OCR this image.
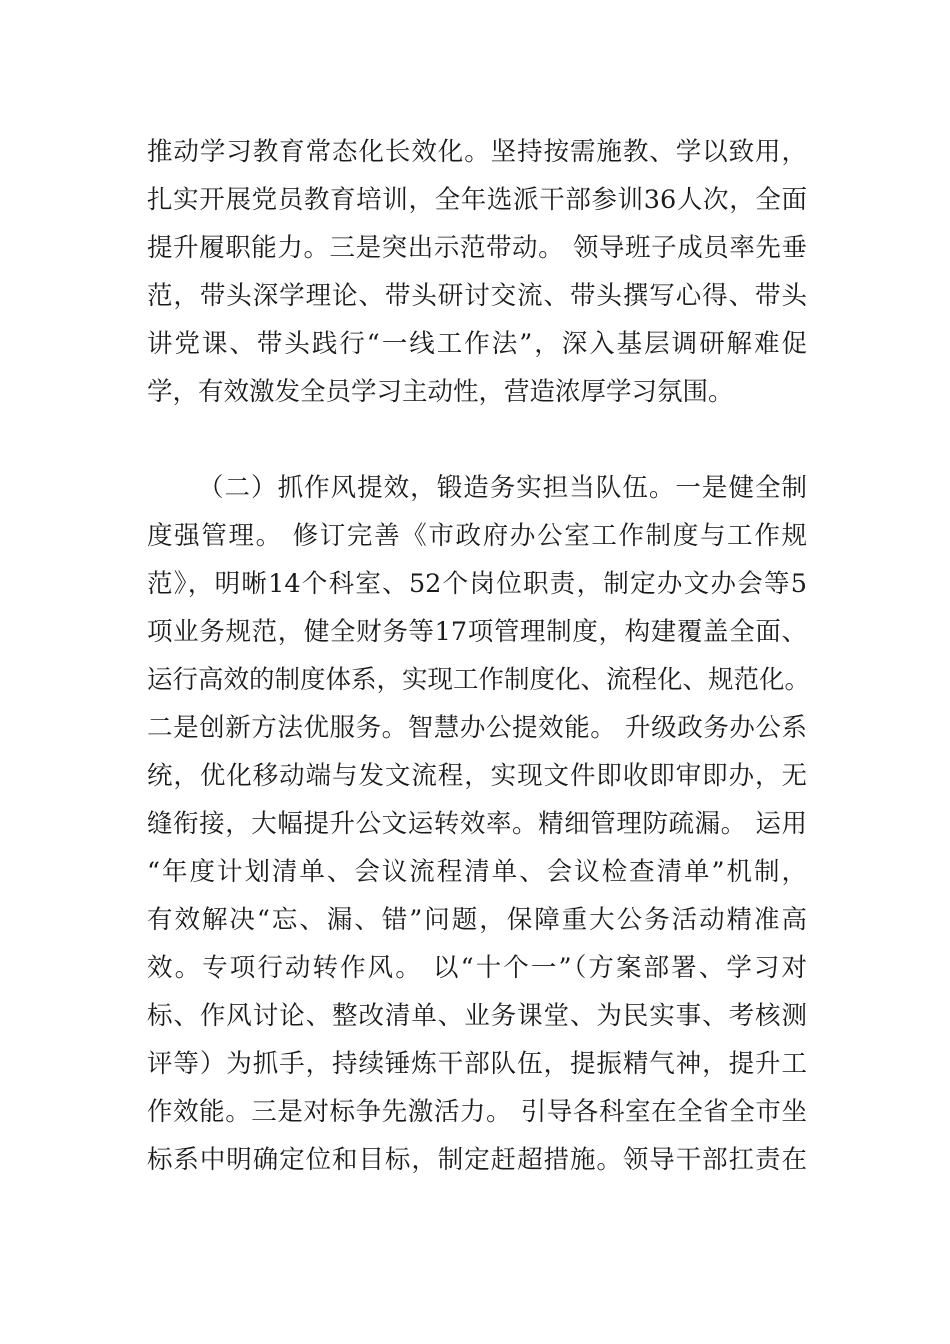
推动学习教育常态化长效化。坚持按需施教、学以致用，
扎实开展党员教育培训，全年选派干部参训36人次，全面
提升履职能力。三是突出示范带动。 领导班子成员率先垂
范，带头深学理论、带头研讨交流、带头撰写心得、带头
讲党课、带头践行“一线工作法”，深入基层调研解难促
学，有效激发全员学习主动性，营造浓厚学习氛围。
（二）抓作风提效，锻造务实担当队伍。一是健全制
度强管理。 修订完善《市政府办公室工作制度与工作规
范》，明晰14个科室、52个岗位职责，制定办文办会等5
项业务规范，健全财务等17项管理制度，构建覆盖全面、
运行高效的制度体系，实现工作制度化、流程化、规范化。
二是创新方法优服务。智慧办公提效能。 升级政务办公系
统，优化移动端与发文流程，实现文件即收即审即办，无
缝衔接，大幅提升公文运转效率。精细管理防疏漏。 运用
“年度计划清单、会议流程清单、会议检查清单”机制，
有效解决“忘、漏、错”问题，保障重大公务活动精准高
效。专项行动转作风。 以“十个一”（方案部署、学习对
标、作风讨论、整改清单、业务课堂、为民实事、考核测
评等）为抓手，持续锤炼干部队伍，提振精气神，提升工
作效能。三是对标争先激活力。 引导各科室在全省全市坐
标系中明确定位和目标，制定赶超措施。领导干部扛责在
